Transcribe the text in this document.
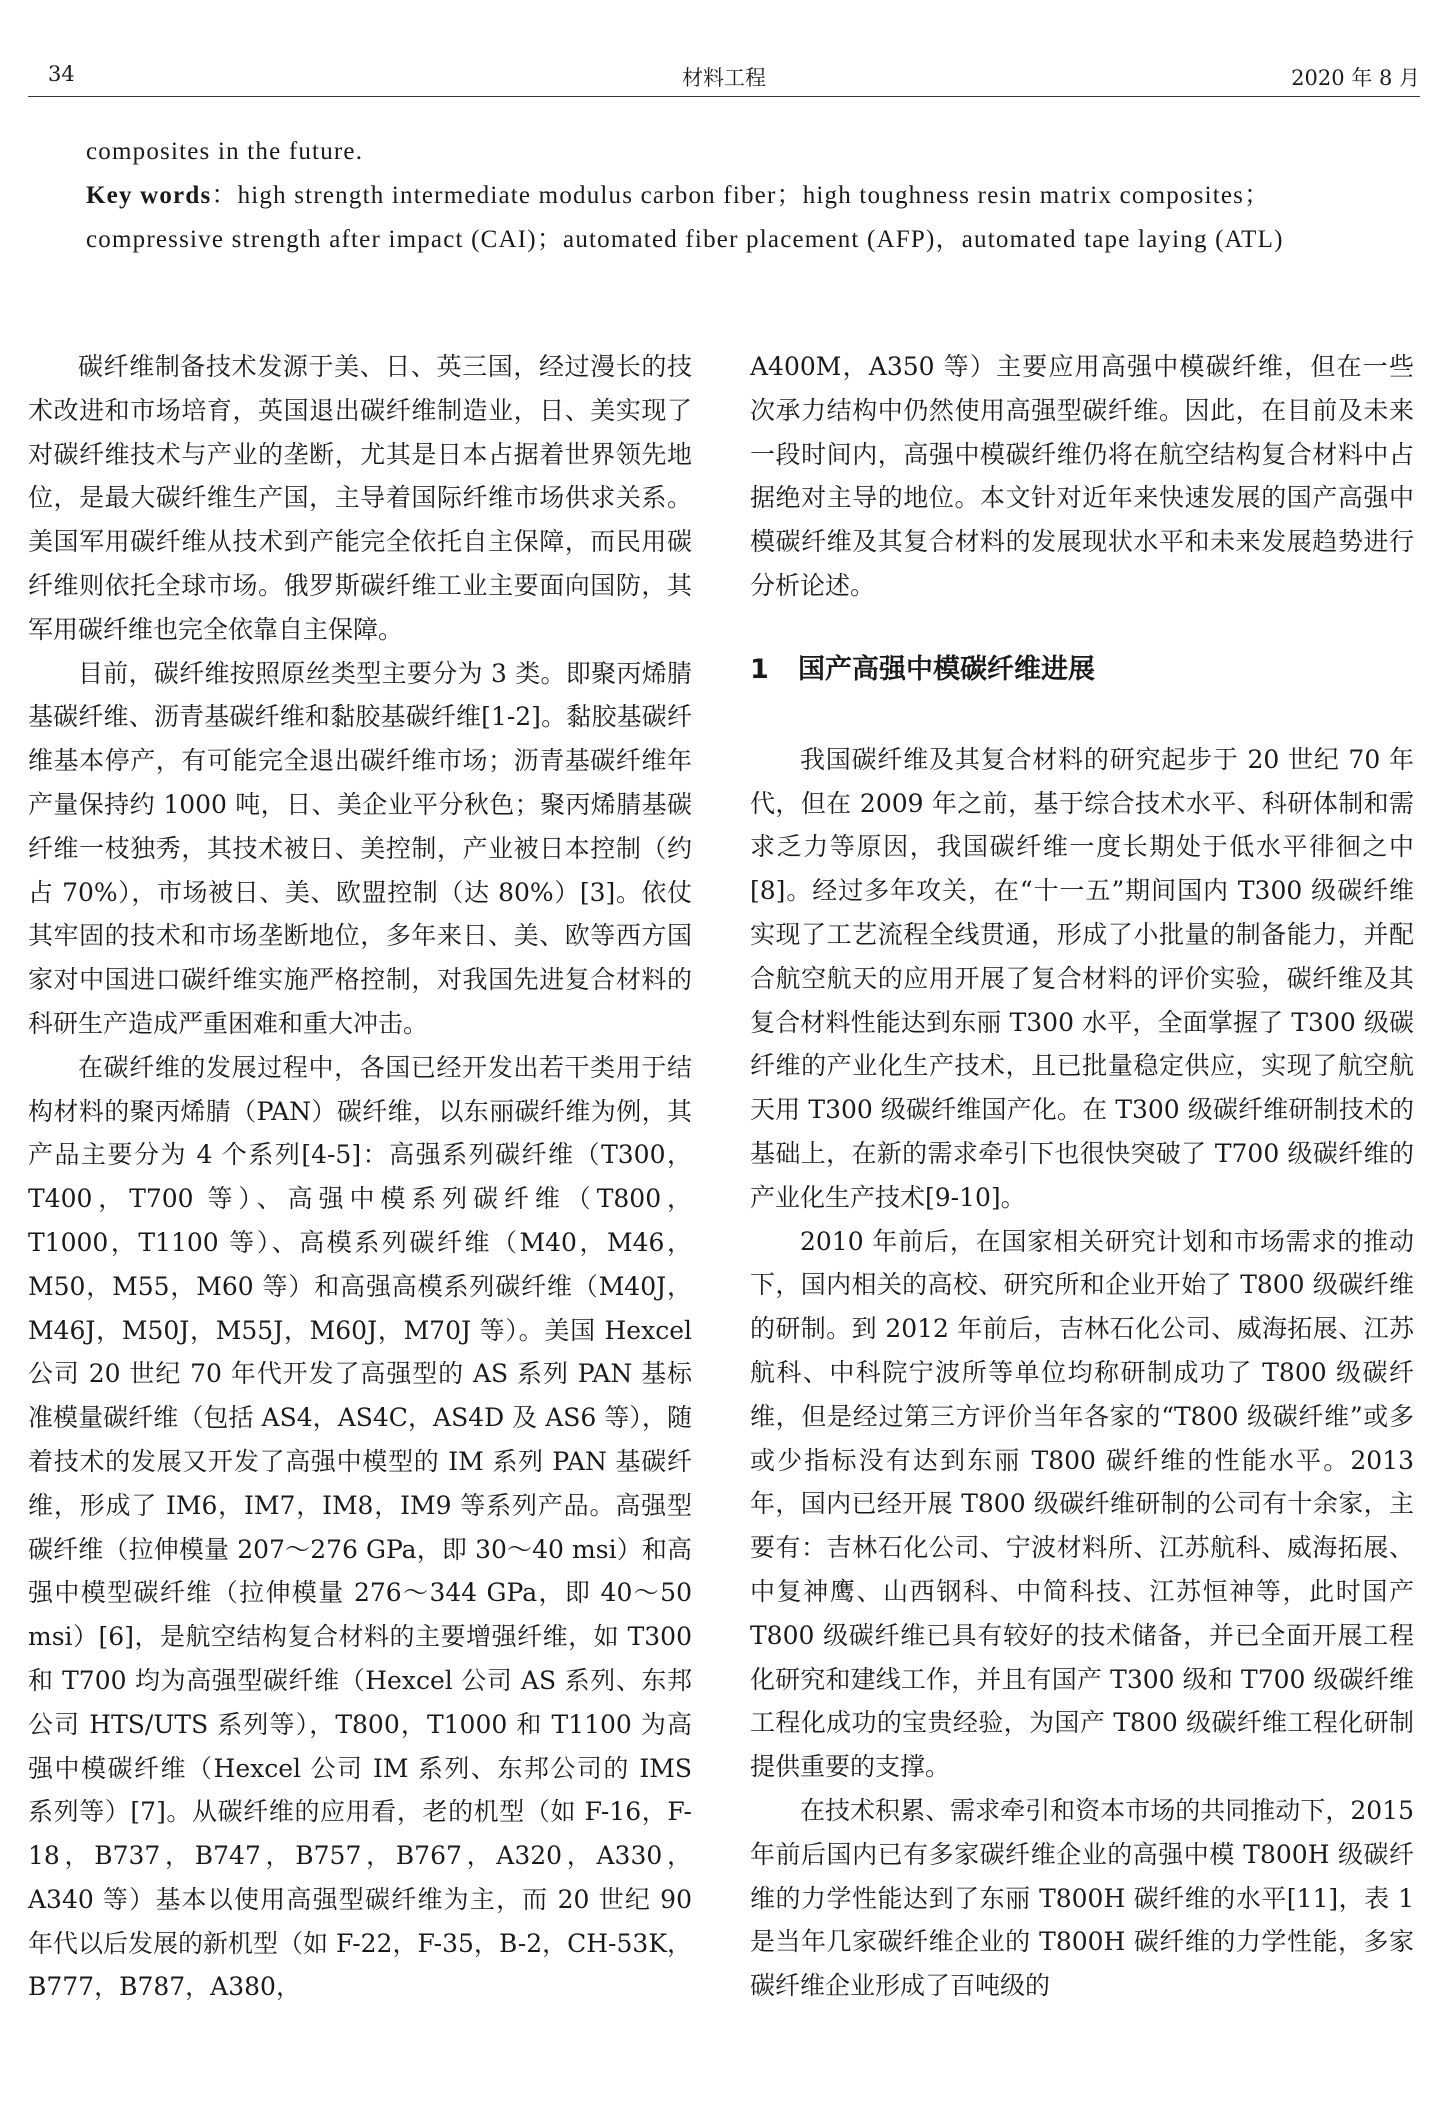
34	材料工程	2020 年 8 月

composites in the future.

Key words：high strength intermediate modulus carbon fiber；high toughness resin matrix composites；compressive strength after impact (CAI)；automated fiber placement (AFP)，automated tape laying (ATL)

碳纤维制备技术发源于美、日、英三国，经过漫长的技术改进和市场培育，英国退出碳纤维制造业，日、美实现了对碳纤维技术与产业的垄断，尤其是日本占据着世界领先地位，是最大碳纤维生产国，主导着国际纤维市场供求关系。美国军用碳纤维从技术到产能完全依托自主保障，而民用碳纤维则依托全球市场。俄罗斯碳纤维工业主要面向国防，其军用碳纤维也完全依靠自主保障。

目前，碳纤维按照原丝类型主要分为 3 类。即聚丙烯腈基碳纤维、沥青基碳纤维和黏胶基碳纤维[1-2]。黏胶基碳纤维基本停产，有可能完全退出碳纤维市场；沥青基碳纤维年产量保持约 1000 吨，日、美企业平分秋色；聚丙烯腈基碳纤维一枝独秀，其技术被日、美控制，产业被日本控制（约占 70%），市场被日、美、欧盟控制（达 80%）[3]。依仗其牢固的技术和市场垄断地位，多年来日、美、欧等西方国家对中国进口碳纤维实施严格控制，对我国先进复合材料的科研生产造成严重困难和重大冲击。

在碳纤维的发展过程中，各国已经开发出若干类用于结构材料的聚丙烯腈（PAN）碳纤维，以东丽碳纤维为例，其产品主要分为 4 个系列[4-5]：高强系列碳纤维（T300，T400，T700 等）、高强中模系列碳纤维（T800，T1000，T1100 等）、高模系列碳纤维（M40，M46，M50，M55，M60 等）和高强高模系列碳纤维（M40J，M46J，M50J，M55J，M60J，M70J 等）。美国 Hexcel 公司 20 世纪 70 年代开发了高强型的 AS 系列 PAN 基标准模量碳纤维（包括 AS4，AS4C，AS4D 及 AS6 等），随着技术的发展又开发了高强中模型的 IM 系列 PAN 基碳纤维，形成了 IM6，IM7，IM8，IM9 等系列产品。高强型碳纤维（拉伸模量 207～276 GPa，即 30～40 msi）和高强中模型碳纤维（拉伸模量 276～344 GPa，即 40～50 msi）[6]，是航空结构复合材料的主要增强纤维，如 T300 和 T700 均为高强型碳纤维（Hexcel 公司 AS 系列、东邦公司 HTS/UTS 系列等），T800，T1000 和 T1100 为高强中模碳纤维（Hexcel 公司 IM 系列、东邦公司的 IMS 系列等）[7]。从碳纤维的应用看，老的机型（如 F-16，F-18，B737，B747，B757，B767，A320，A330，A340 等）基本以使用高强型碳纤维为主，而 20 世纪 90 年代以后发展的新机型（如 F-22，F-35，B-2，CH-53K，B777，B787，A380，

A400M，A350 等）主要应用高强中模碳纤维，但在一些次承力结构中仍然使用高强型碳纤维。因此，在目前及未来一段时间内，高强中模碳纤维仍将在航空结构复合材料中占据绝对主导的地位。本文针对近年来快速发展的国产高强中模碳纤维及其复合材料的发展现状水平和未来发展趋势进行分析论述。

1 国产高强中模碳纤维进展

我国碳纤维及其复合材料的研究起步于 20 世纪 70 年代，但在 2009 年之前，基于综合技术水平、科研体制和需求乏力等原因，我国碳纤维一度长期处于低水平徘徊之中[8]。经过多年攻关，在“十一五”期间国内 T300 级碳纤维实现了工艺流程全线贯通，形成了小批量的制备能力，并配合航空航天的应用开展了复合材料的评价实验，碳纤维及其复合材料性能达到东丽 T300 水平，全面掌握了 T300 级碳纤维的产业化生产技术，且已批量稳定供应，实现了航空航天用 T300 级碳纤维国产化。在 T300 级碳纤维研制技术的基础上，在新的需求牵引下也很快突破了 T700 级碳纤维的产业化生产技术[9-10]。

2010 年前后，在国家相关研究计划和市场需求的推动下，国内相关的高校、研究所和企业开始了 T800 级碳纤维的研制。到 2012 年前后，吉林石化公司、威海拓展、江苏航科、中科院宁波所等单位均称研制成功了 T800 级碳纤维，但是经过第三方评价当年各家的“T800 级碳纤维”或多或少指标没有达到东丽 T800 碳纤维的性能水平。2013 年，国内已经开展 T800 级碳纤维研制的公司有十余家，主要有：吉林石化公司、宁波材料所、江苏航科、威海拓展、中复神鹰、山西钢科、中简科技、江苏恒神等，此时国产 T800 级碳纤维已具有较好的技术储备，并已全面开展工程化研究和建线工作，并且有国产 T300 级和 T700 级碳纤维工程化成功的宝贵经验，为国产 T800 级碳纤维工程化研制提供重要的支撑。

在技术积累、需求牵引和资本市场的共同推动下，2015 年前后国内已有多家碳纤维企业的高强中模 T800H 级碳纤维的力学性能达到了东丽 T800H 碳纤维的水平[11]，表 1 是当年几家碳纤维企业的 T800H 碳纤维的力学性能，多家碳纤维企业形成了百吨级的
